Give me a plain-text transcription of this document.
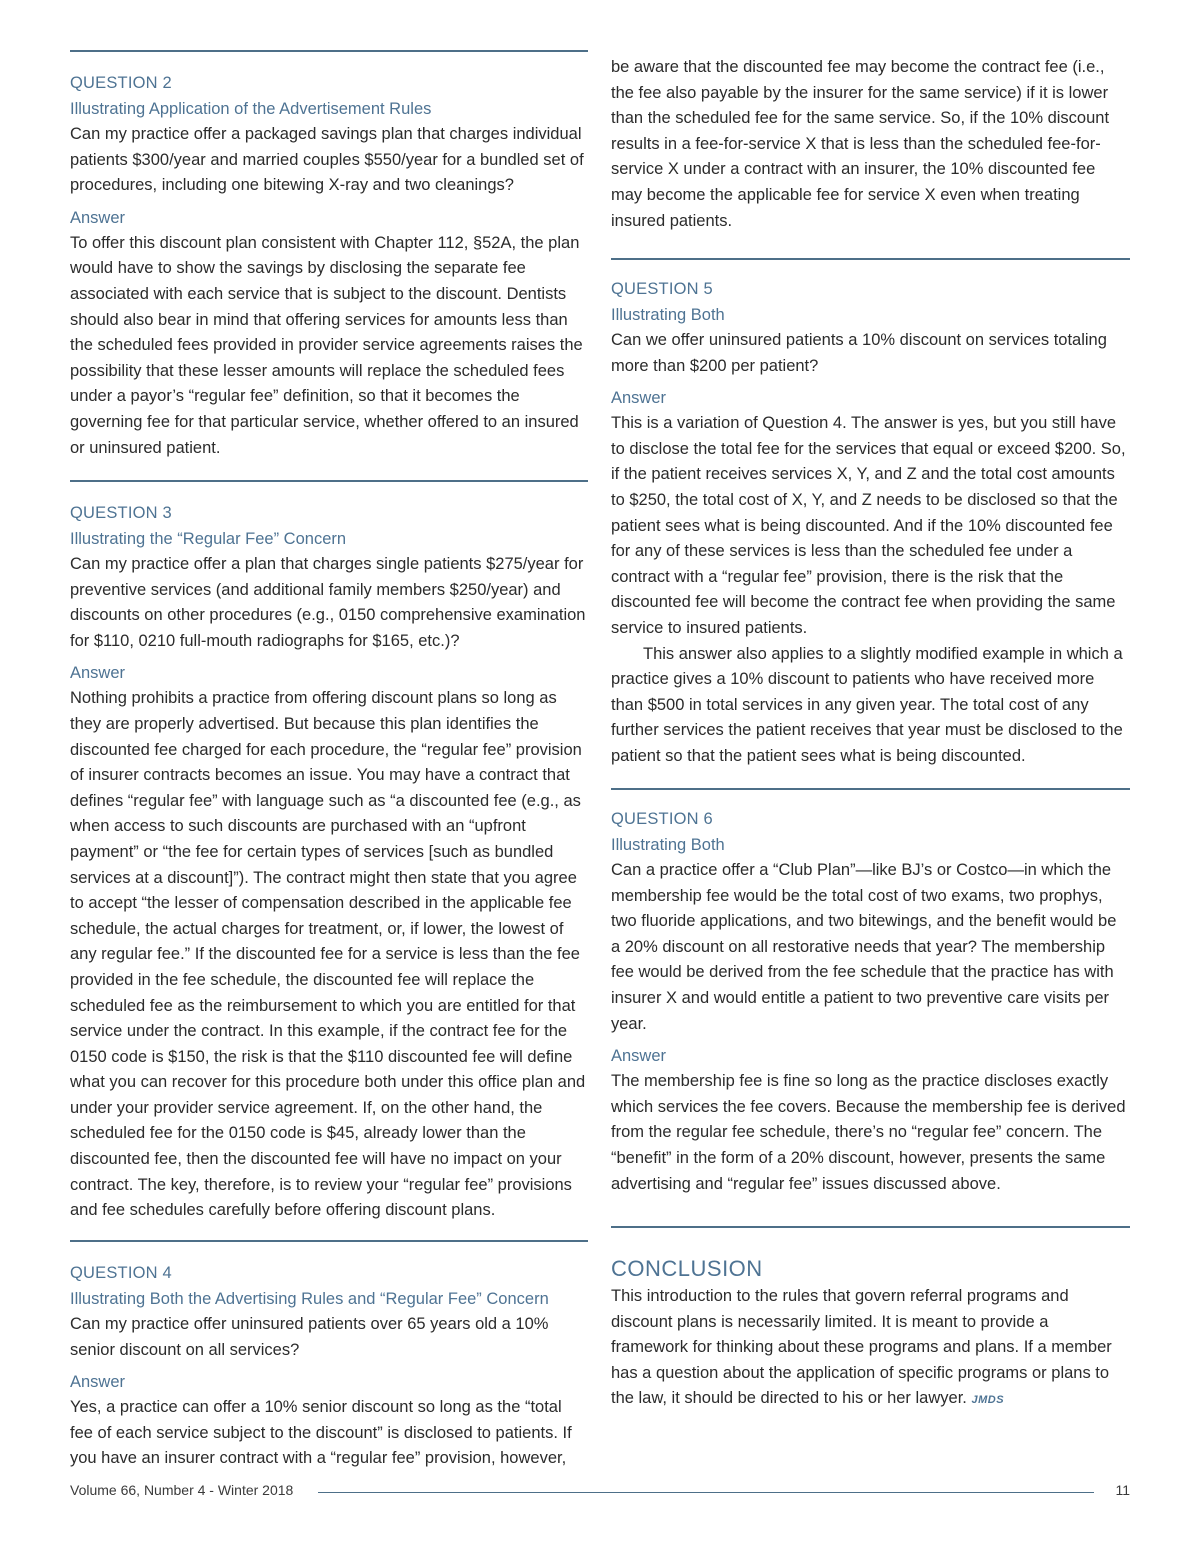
QUESTION 2
Illustrating Application of the Advertisement Rules

Can my practice offer a packaged savings plan that charges individual patients $300/year and married couples $550/year for a bundled set of procedures, including one bitewing X-ray and two cleanings?

Answer

To offer this discount plan consistent with Chapter 112, §52A, the plan would have to show the savings by disclosing the separate fee associated with each service that is subject to the discount. Dentists should also bear in mind that offering services for amounts less than the scheduled fees provided in provider service agreements raises the possibility that these lesser amounts will replace the scheduled fees under a payor’s “regular fee” definition, so that it becomes the governing fee for that particular service, whether offered to an insured or uninsured patient.

QUESTION 3
Illustrating the “Regular Fee” Concern

Can my practice offer a plan that charges single patients $275/year for preventive services (and additional family members $250/year) and discounts on other procedures (e.g., 0150 comprehensive examination for $110, 0210 full-mouth radiographs for $165, etc.)?

Answer

Nothing prohibits a practice from offering discount plans so long as they are properly advertised. But because this plan identifies the discounted fee charged for each procedure, the “regular fee” provision of insurer contracts becomes an issue. You may have a contract that defines “regular fee” with language such as “a discounted fee (e.g., as when access to such discounts are purchased with an “upfront payment” or “the fee for certain types of services [such as bundled services at a discount]”). The contract might then state that you agree to accept “the lesser of compensation described in the applicable fee schedule, the actual charges for treatment, or, if lower, the lowest of any regular fee.” If the discounted fee for a service is less than the fee provided in the fee schedule, the discounted fee will replace the scheduled fee as the reimbursement to which you are entitled for that service under the contract. In this example, if the contract fee for the 0150 code is $150, the risk is that the $110 discounted fee will define what you can recover for this procedure both under this office plan and under your provider service agreement. If, on the other hand, the scheduled fee for the 0150 code is $45, already lower than the discounted fee, then the discounted fee will have no impact on your contract. The key, therefore, is to review your “regular fee” provisions and fee schedules carefully before offering discount plans.

QUESTION 4
Illustrating Both the Advertising Rules and “Regular Fee” Concern

Can my practice offer uninsured patients over 65 years old a 10% senior discount on all services?

Answer

Yes, a practice can offer a 10% senior discount so long as the “total fee of each service subject to the discount” is disclosed to patients. If you have an insurer contract with a “regular fee” provision, however,

be aware that the discounted fee may become the contract fee (i.e., the fee also payable by the insurer for the same service) if it is lower than the scheduled fee for the same service. So, if the 10% discount results in a fee-for-service X that is less than the scheduled fee-for-service X under a contract with an insurer, the 10% discounted fee may become the applicable fee for service X even when treating insured patients.

QUESTION 5
Illustrating Both

Can we offer uninsured patients a 10% discount on services totaling more than $200 per patient?

Answer

This is a variation of Question 4. The answer is yes, but you still have to disclose the total fee for the services that equal or exceed $200. So, if the patient receives services X, Y, and Z and the total cost amounts to $250, the total cost of X, Y, and Z needs to be disclosed so that the patient sees what is being discounted. And if the 10% discounted fee for any of these services is less than the scheduled fee under a contract with a “regular fee” provision, there is the risk that the discounted fee will become the contract fee when providing the same service to insured patients.

This answer also applies to a slightly modified example in which a practice gives a 10% discount to patients who have received more than $500 in total services in any given year. The total cost of any further services the patient receives that year must be disclosed to the patient so that the patient sees what is being discounted.

QUESTION 6
Illustrating Both

Can a practice offer a “Club Plan”—like BJ’s or Costco—in which the membership fee would be the total cost of two exams, two prophys, two fluoride applications, and two bitewings, and the benefit would be a 20% discount on all restorative needs that year? The membership fee would be derived from the fee schedule that the practice has with insurer X and would entitle a patient to two preventive care visits per year.

Answer

The membership fee is fine so long as the practice discloses exactly which services the fee covers. Because the membership fee is derived from the regular fee schedule, there’s no “regular fee” concern. The “benefit” in the form of a 20% discount, however, presents the same advertising and “regular fee” issues discussed above.

CONCLUSION

This introduction to the rules that govern referral programs and discount plans is necessarily limited. It is meant to provide a framework for thinking about these programs and plans. If a member has a question about the application of specific programs or plans to the law, it should be directed to his or her lawyer. JMDS

Volume 66, Number 4 - Winter 2018	11
